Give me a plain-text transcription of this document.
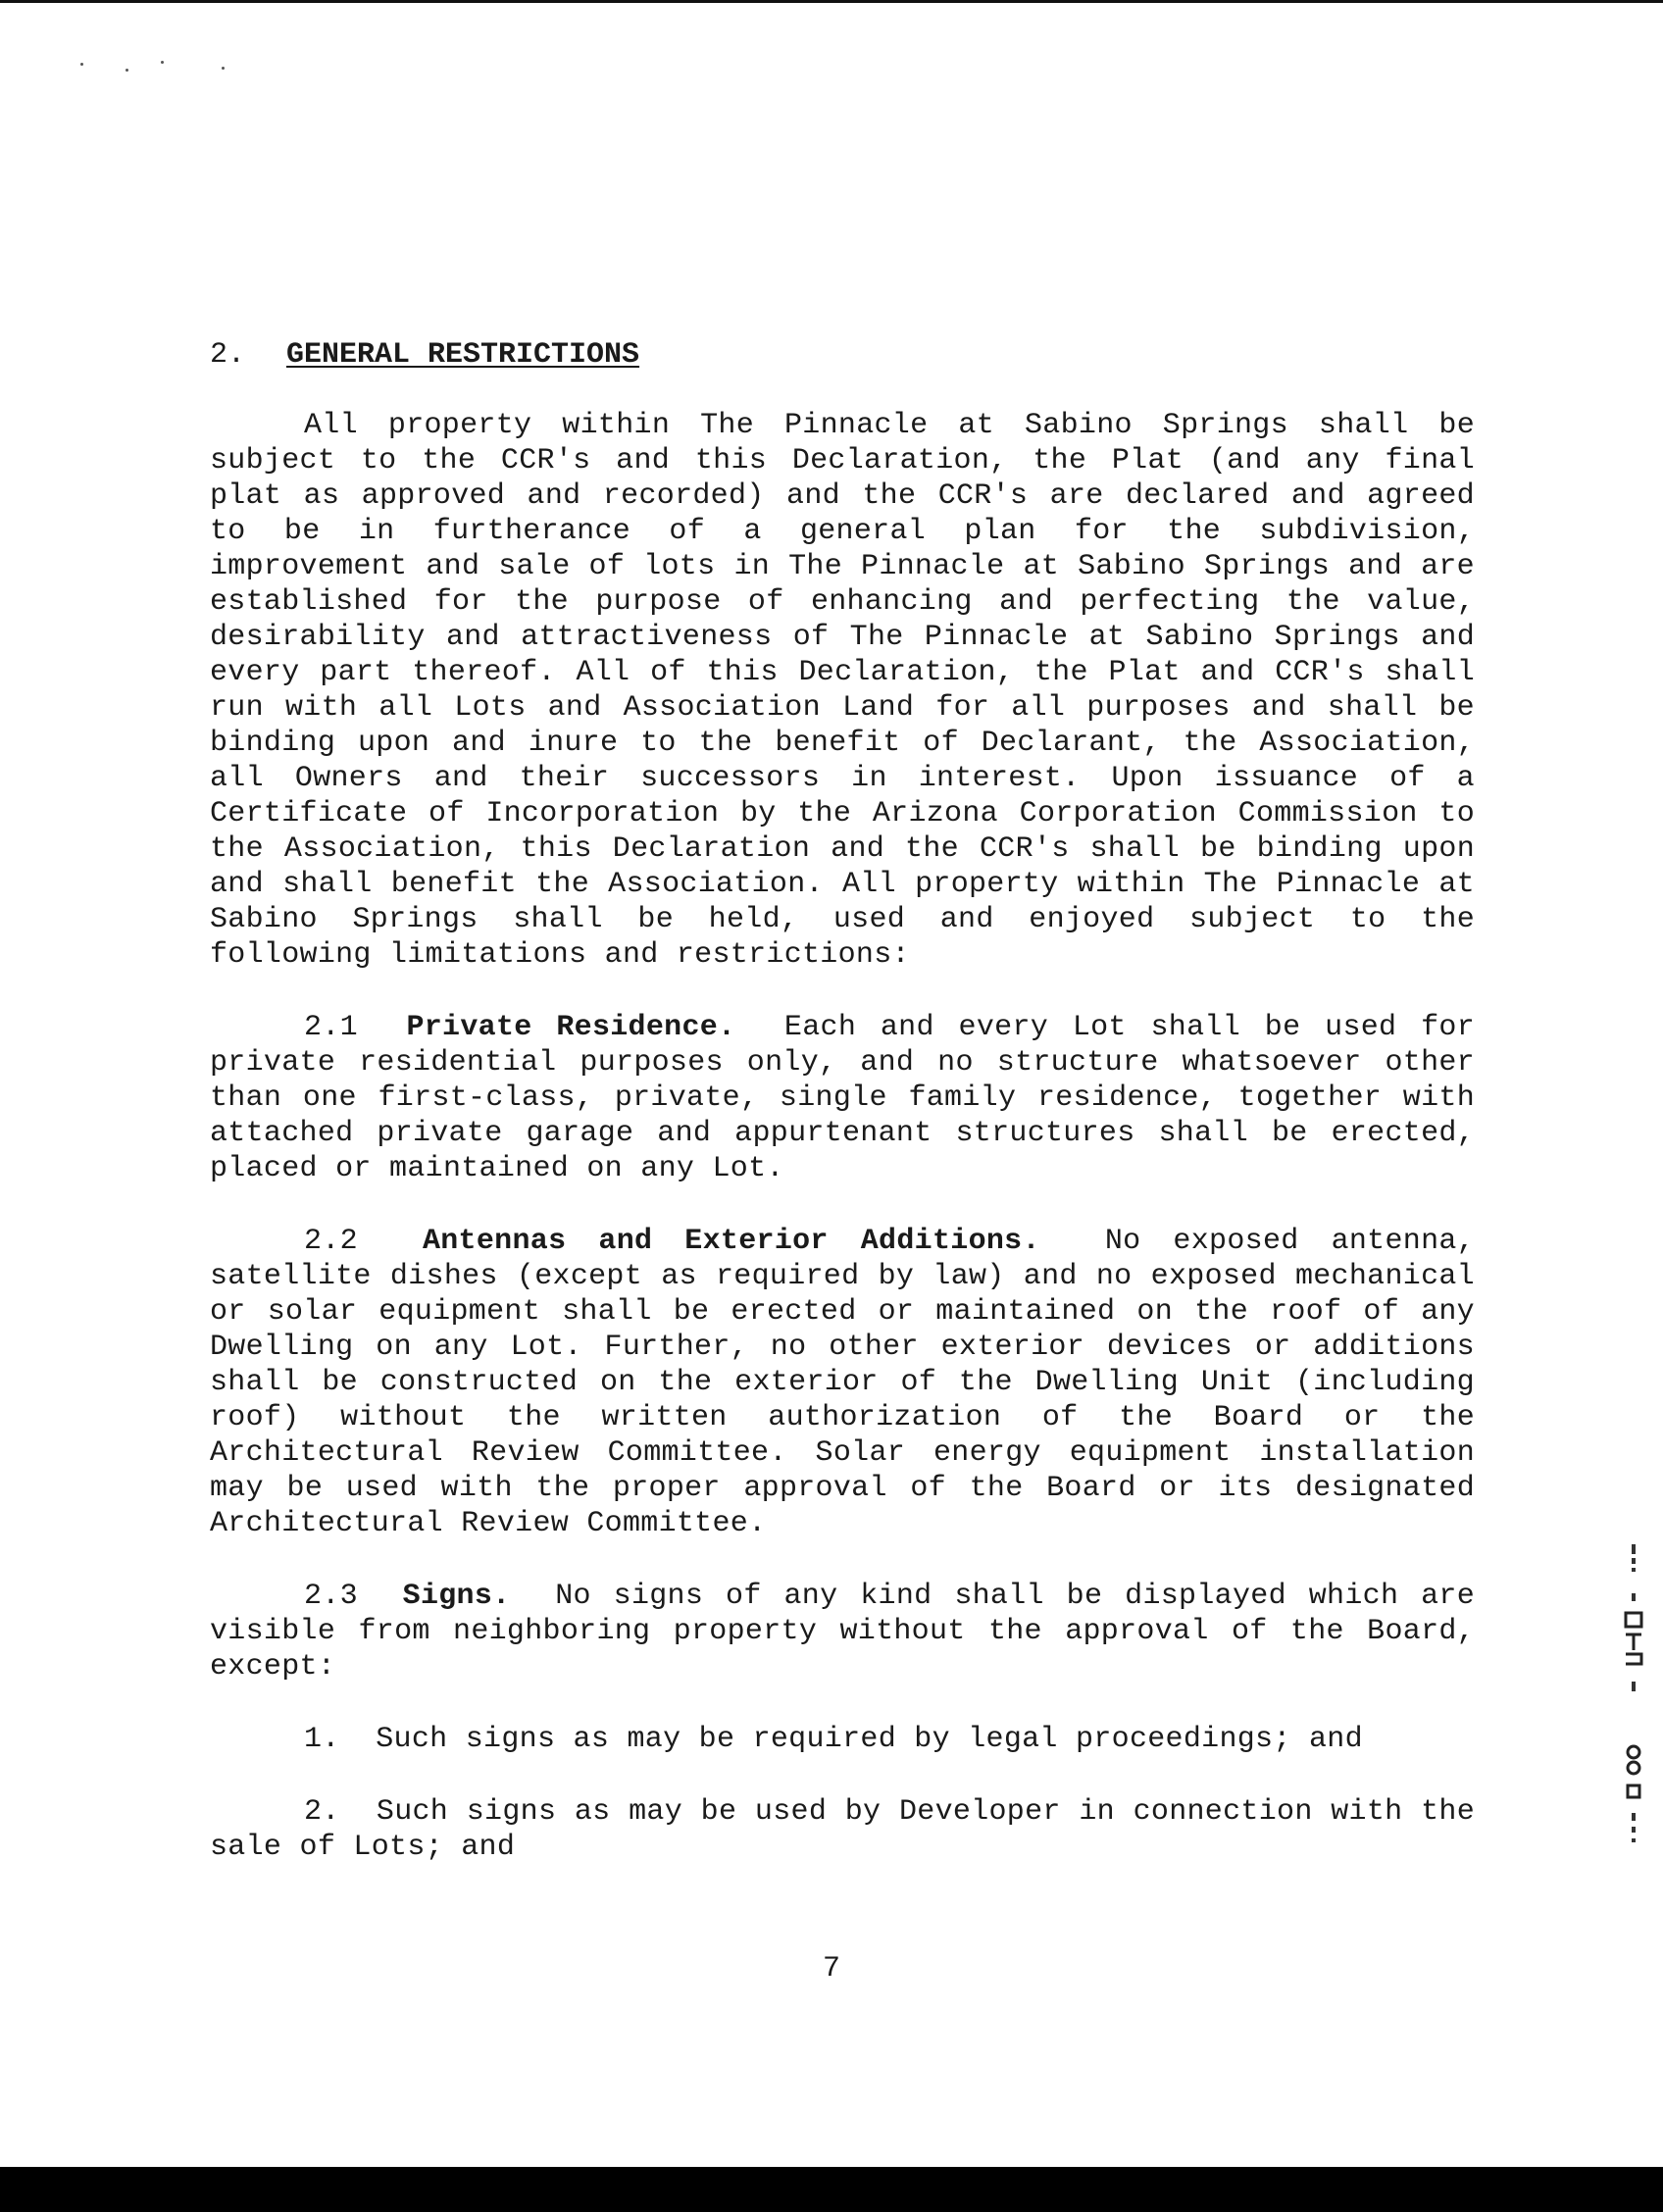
2. GENERAL RESTRICTIONS

All property within The Pinnacle at Sabino Springs shall be subject to the CCR's and this Declaration, the Plat (and any final plat as approved and recorded) and the CCR's are declared and agreed to be in furtherance of a general plan for the subdivision, improvement and sale of lots in The Pinnacle at Sabino Springs and are established for the purpose of enhancing and perfecting the value, desirability and attractiveness of The Pinnacle at Sabino Springs and every part thereof. All of this Declaration, the Plat and CCR's shall run with all Lots and Association Land for all purposes and shall be binding upon and inure to the benefit of Declarant, the Association, all Owners and their successors in interest. Upon issuance of a Certificate of Incorporation by the Arizona Corporation Commission to the Association, this Declaration and the CCR's shall be binding upon and shall benefit the Association. All property within The Pinnacle at Sabino Springs shall be held, used and enjoyed subject to the following limitations and restrictions:

2.1 Private Residence. Each and every Lot shall be used for private residential purposes only, and no structure whatsoever other than one first-class, private, single family residence, together with attached private garage and appurtenant structures shall be erected, placed or maintained on any Lot.

2.2 Antennas and Exterior Additions. No exposed antenna, satellite dishes (except as required by law) and no exposed mechanical or solar equipment shall be erected or maintained on the roof of any Dwelling on any Lot. Further, no other exterior devices or additions shall be constructed on the exterior of the Dwelling Unit (including roof) without the written authorization of the Board or the Architectural Review Committee. Solar energy equipment installation may be used with the proper approval of the Board or its designated Architectural Review Committee.

2.3 Signs. No signs of any kind shall be displayed which are visible from neighboring property without the approval of the Board, except:

1. Such signs as may be required by legal proceedings; and

2. Such signs as may be used by Developer in connection with the sale of Lots; and

7
